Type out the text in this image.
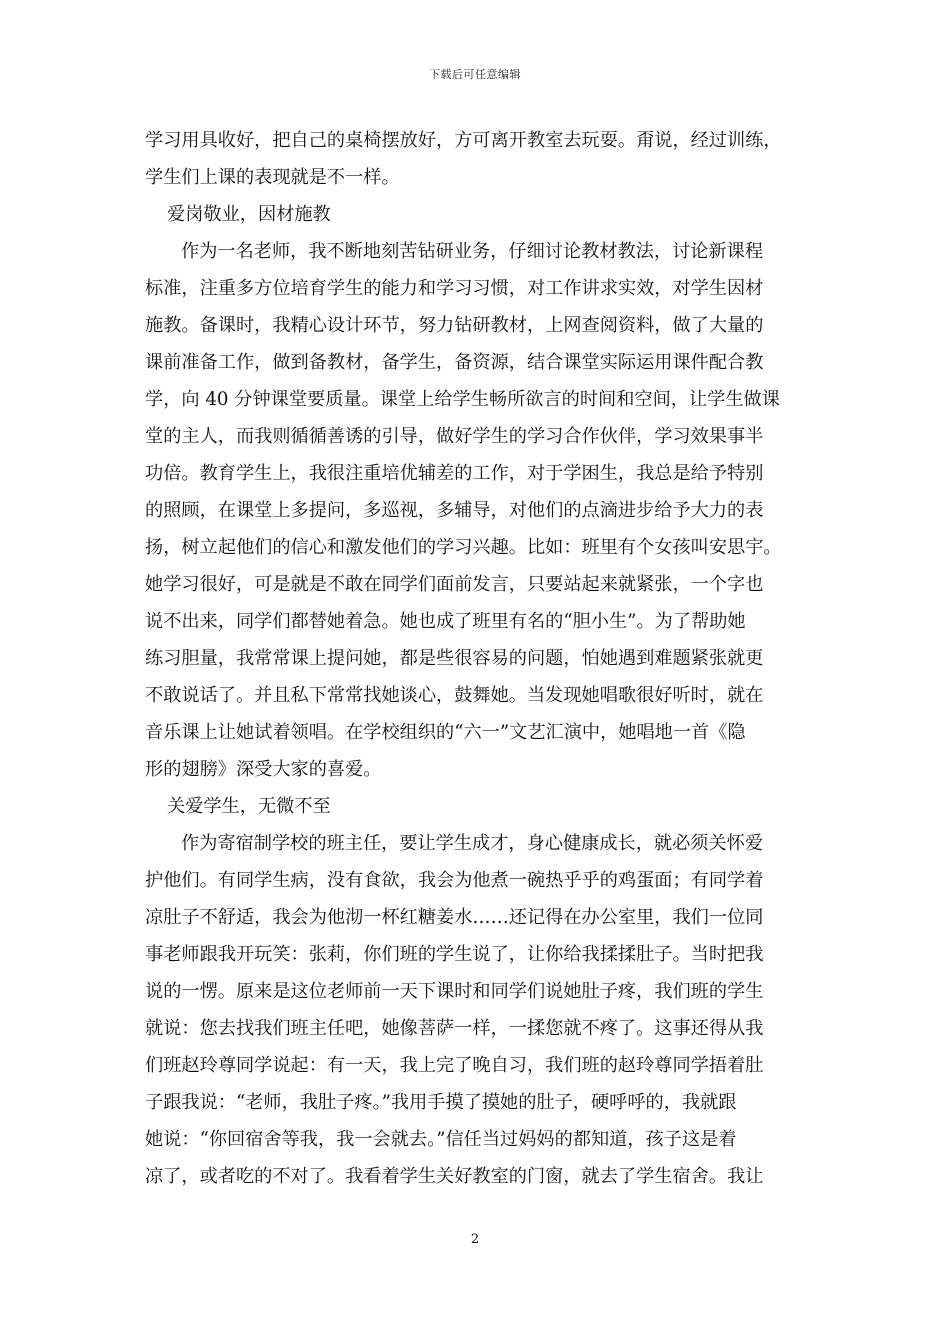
下载后可任意编辑
学习用具收好，把自己的桌椅摆放好，方可离开教室去玩耍。甭说，经过训练，
学生们上课的表现就是不一样。
爱岗敬业，因材施教
作为一名老师，我不断地刻苦钻研业务，仔细讨论教材教法，讨论新课程
标准，注重多方位培育学生的能力和学习习惯，对工作讲求实效，对学生因材
施教。备课时，我精心设计环节，努力钻研教材，上网查阅资料，做了大量的
课前准备工作，做到备教材，备学生，备资源，结合课堂实际运用课件配合教
学，向 40 分钟课堂要质量。课堂上给学生畅所欲言的时间和空间，让学生做课
堂的主人，而我则循循善诱的引导，做好学生的学习合作伙伴，学习效果事半
功倍。教育学生上，我很注重培优辅差的工作，对于学困生，我总是给予特别
的照顾，在课堂上多提问，多巡视，多辅导，对他们的点滴进步给予大力的表
扬，树立起他们的信心和激发他们的学习兴趣。比如：班里有个女孩叫安思宇。
她学习很好，可是就是不敢在同学们面前发言，只要站起来就紧张，一个字也
说不出来，同学们都替她着急。她也成了班里有名的“胆小生”。为了帮助她
练习胆量，我常常课上提问她，都是些很容易的问题，怕她遇到难题紧张就更
不敢说话了。并且私下常常找她谈心，鼓舞她。当发现她唱歌很好听时，就在
音乐课上让她试着领唱。在学校组织的“六一”文艺汇演中，她唱地一首《隐
形的翅膀》深受大家的喜爱。
关爱学生，无微不至
作为寄宿制学校的班主任，要让学生成才，身心健康成长，就必须关怀爱
护他们。有同学生病，没有食欲，我会为他煮一碗热乎乎的鸡蛋面；有同学着
凉肚子不舒适，我会为他沏一杯红糖姜水……还记得在办公室里，我们一位同
事老师跟我开玩笑：张莉，你们班的学生说了，让你给我揉揉肚子。当时把我
说的一愣。原来是这位老师前一天下课时和同学们说她肚子疼，我们班的学生
就说：您去找我们班主任吧，她像菩萨一样，一揉您就不疼了。这事还得从我
们班赵玲尊同学说起：有一天，我上完了晚自习，我们班的赵玲尊同学捂着肚
子跟我说：“老师，我肚子疼。”我用手摸了摸她的肚子，硬呼呼的，我就跟
她说：“你回宿舍等我，我一会就去。”信任当过妈妈的都知道，孩子这是着
凉了，或者吃的不对了。我看着学生关好教室的门窗，就去了学生宿舍。我让
2
